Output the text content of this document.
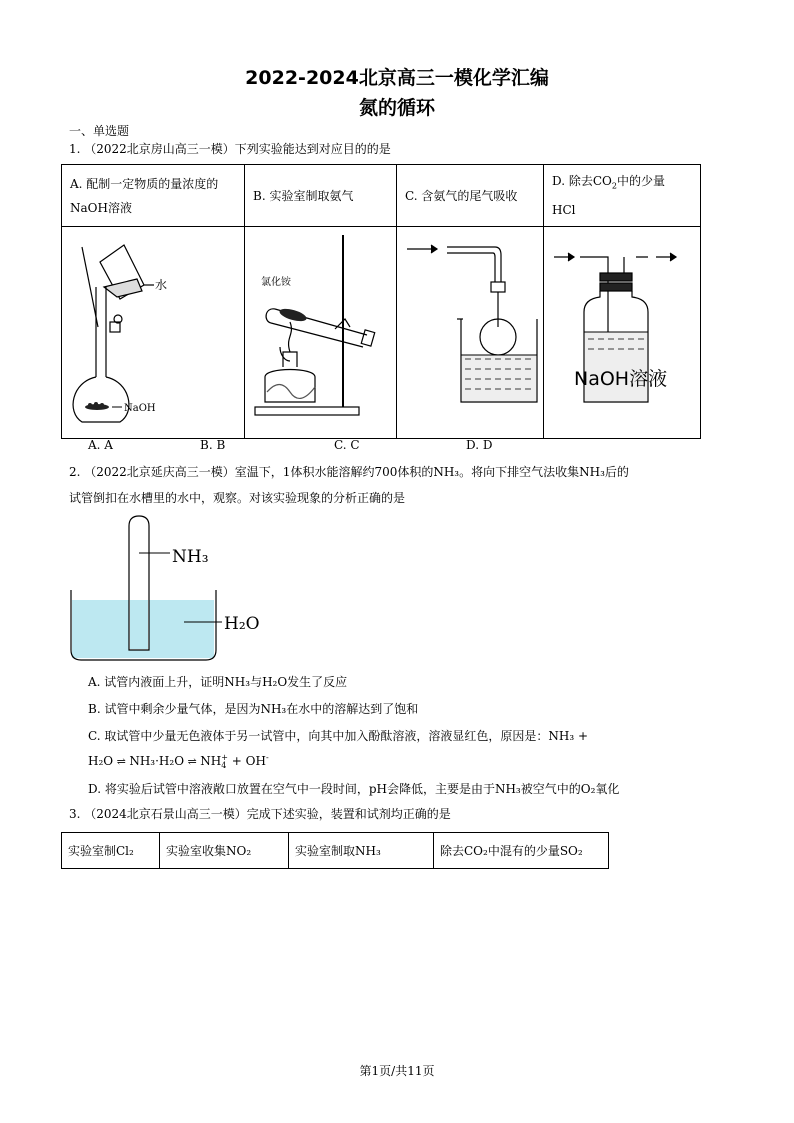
2022-2024北京高三一模化学汇编
氮的循环
一、单选题
1. （2022北京房山高三一模）下列实验能达到对应目的的是
A. 配制一定物质的量浓度的
NaOH溶液	B. 实验室制取氨气	C. 含氨气的尾气吸收	D. 除去$CO_2$中的少量
HCl

水
NaOH	氯化铵		NaOH溶液
A. A	B. B	C. C	D. D
2. （2022北京延庆高三一模）室温下，1体积水能溶解约700体积的NH₃。将向下排空气法收集NH₃后的
试管倒扣在水槽里的水中，观察。对该实验现象的分析正确的是
NH₃
H₂O
A. 试管内液面上升，证明NH₃与H₂O发生了反应
B. 试管中剩余少量气体，是因为NH₃在水中的溶解达到了饱和
C. 取试管中少量无色液体于另一试管中，向其中加入酚酞溶液，溶液显红色，原因是：NH₃ +
H₂O ⇌ NH₃·H₂O ⇌ NH +
4 + OH-
D. 将实验后试管中溶液敞口放置在空气中一段时间，pH会降低，主要是由于NH₃被空气中的O₂氧化
3. （2024北京石景山高三一模）完成下述实验，装置和试剂均正确的是
实验室制Cl₂	实验室收集NO₂	实验室制取NH₃	除去CO₂中混有的少量SO₂
第1页/共11页
